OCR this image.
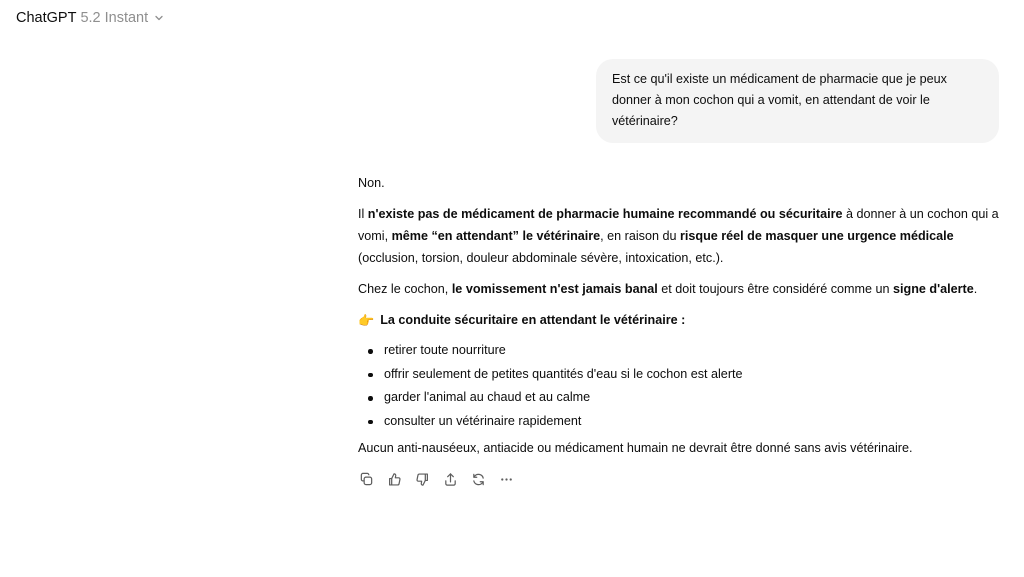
ChatGPT 5.2 Instant
Est ce qu'il existe un médicament de pharmacie que je peux donner à mon cochon qui a vomit, en attendant de voir le vétérinaire?

Non.

Il n'existe pas de médicament de pharmacie humaine recommandé ou sécuritaire à donner à un cochon qui a vomi, même “en attendant” le vétérinaire, en raison du risque réel de masquer une urgence médicale (occlusion, torsion, douleur abdominale sévère, intoxication, etc.).

Chez le cochon, le vomissement n'est jamais banal et doit toujours être considéré comme un signe d'alerte.

👉 La conduite sécuritaire en attendant le vétérinaire :

retirer toute nourriture
offrir seulement de petites quantités d'eau si le cochon est alerte
garder l'animal au chaud et au calme
consulter un vétérinaire rapidement

Aucun anti-nauséeux, antiacide ou médicament humain ne devrait être donné sans avis vétérinaire.
